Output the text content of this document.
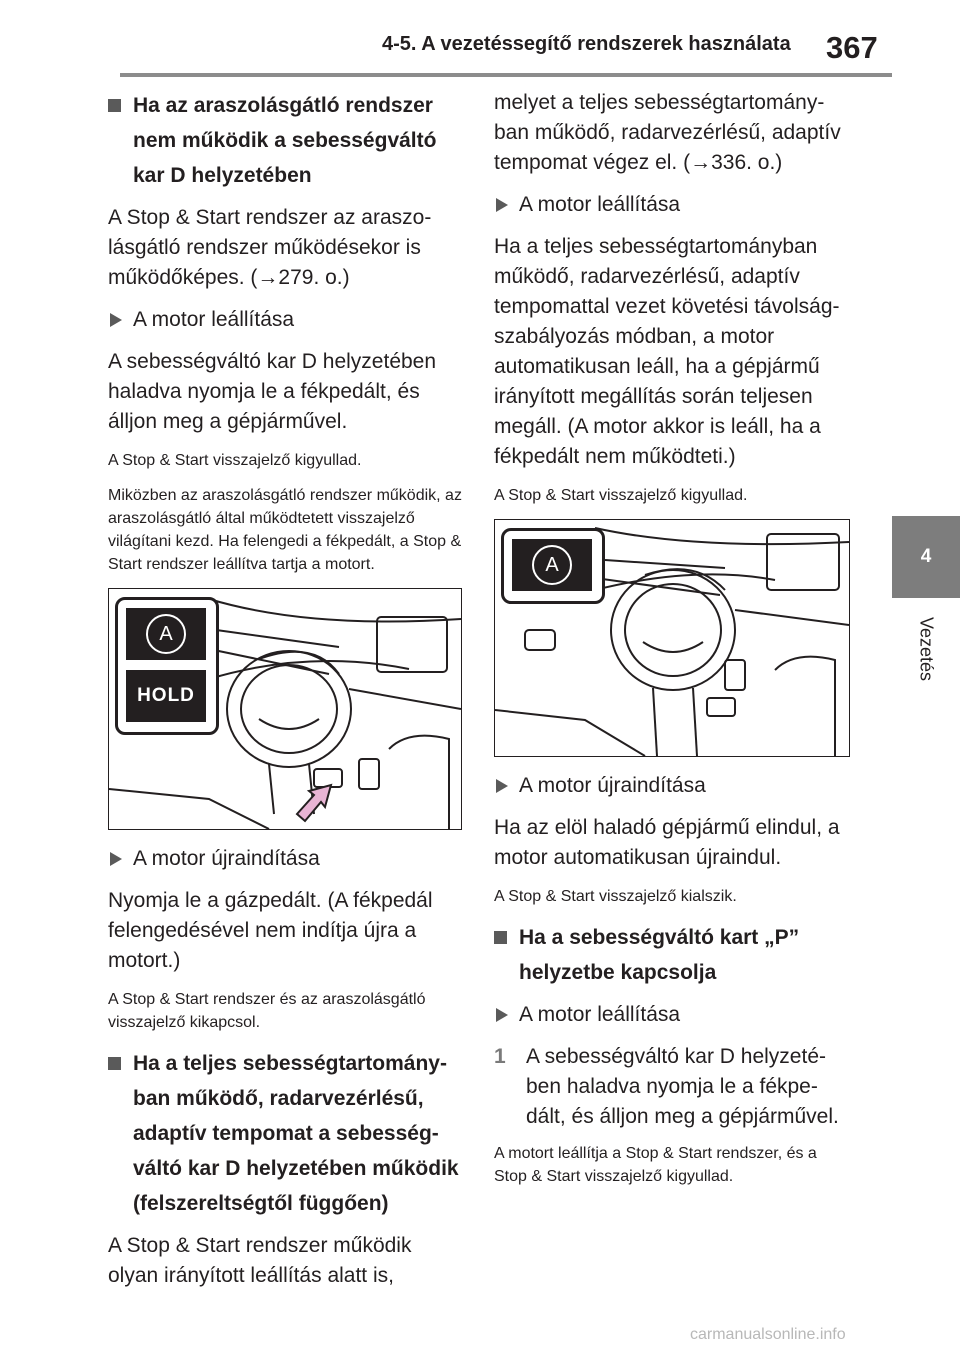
4-5. A vezetéssegítő rendszerek használata 367
4
Vezetés
Ha az araszolásgátló rendszer nem működik a sebességváltó kar D helyzetében
A Stop & Start rendszer az araszolásgátló rendszer működésekor is működőképes. (→279. o.)
A motor leállítása
A sebességváltó kar D helyzetében haladva nyomja le a fékpedált, és álljon meg a gépjárművel.
A Stop & Start visszajelző kigyullad.
Miközben az araszolásgátló rendszer működik, az araszolásgátló által működtetett visszajelző világítani kezd. Ha felengedi a fékpedált, a Stop & Start rendszer leállítva tartja a motort.
A
HOLD
A motor újraindítása
Nyomja le a gázpedált. (A fékpedál felengedésével nem indítja újra a motort.)
A Stop & Start rendszer és az araszolásgátló visszajelző kikapcsol.
Ha a teljes sebességtartományban működő, radarvezérlésű, adaptív tempomat a sebességváltó kar D helyzetében működik (felszereltségtől függően)
A Stop & Start rendszer működik olyan irányított leállítás alatt is,
melyet a teljes sebességtartományban működő, radarvezérlésű, adaptív tempomat végez el. (→336. o.)
A motor leállítása
Ha a teljes sebességtartományban működő, radarvezérlésű, adaptív tempomattal vezet követési távolság-szabályozás módban, a motor automatikusan leáll, ha a gépjármű irányított megállítás során teljesen megáll. (A motor akkor is leáll, ha a fékpedált nem működteti.)
A Stop & Start visszajelző kigyullad.
A
A motor újraindítása
Ha az elöl haladó gépjármű elindul, a motor automatikusan újraindul.
A Stop & Start visszajelző kialszik.
Ha a sebességváltó kart „P” helyzetbe kapcsolja
A motor leállítása
1 A sebességváltó kar D helyzetében haladva nyomja le a fékpedált, és álljon meg a gépjárművel.
A motort leállítja a Stop & Start rendszer, és a Stop & Start visszajelző kigyullad.
carmanualsonline.info
